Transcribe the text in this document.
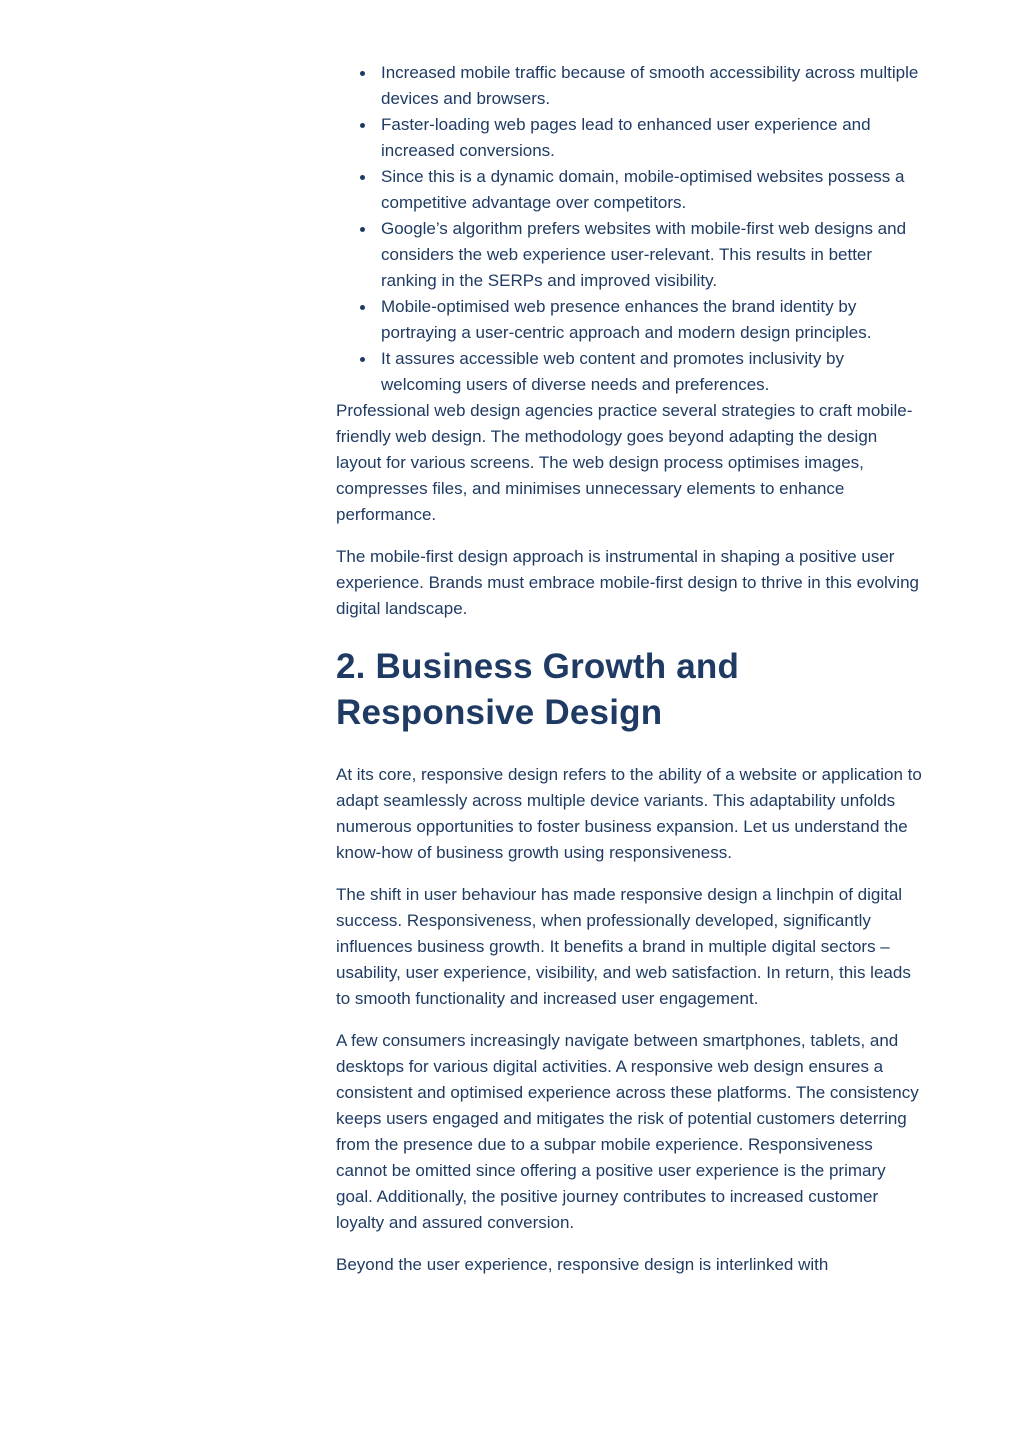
Increased mobile traffic because of smooth accessibility across multiple devices and browsers.
Faster-loading web pages lead to enhanced user experience and increased conversions.
Since this is a dynamic domain, mobile-optimised websites possess a competitive advantage over competitors.
Google’s algorithm prefers websites with mobile-first web designs and considers the web experience user-relevant. This results in better ranking in the SERPs and improved visibility.
Mobile-optimised web presence enhances the brand identity by portraying a user-centric approach and modern design principles.
It assures accessible web content and promotes inclusivity by welcoming users of diverse needs and preferences.

Professional web design agencies practice several strategies to craft mobile-friendly web design. The methodology goes beyond adapting the design layout for various screens. The web design process optimises images, compresses files, and minimises unnecessary elements to enhance performance.

The mobile-first design approach is instrumental in shaping a positive user experience. Brands must embrace mobile-first design to thrive in this evolving digital landscape.

2. Business Growth and Responsive Design

At its core, responsive design refers to the ability of a website or application to adapt seamlessly across multiple device variants. This adaptability unfolds numerous opportunities to foster business expansion. Let us understand the know-how of business growth using responsiveness.

The shift in user behaviour has made responsive design a linchpin of digital success. Responsiveness, when professionally developed, significantly influences business growth. It benefits a brand in multiple digital sectors – usability, user experience, visibility, and web satisfaction. In return, this leads to smooth functionality and increased user engagement.

A few consumers increasingly navigate between smartphones, tablets, and desktops for various digital activities. A responsive web design ensures a consistent and optimised experience across these platforms. The consistency keeps users engaged and mitigates the risk of potential customers deterring from the presence due to a subpar mobile experience. Responsiveness cannot be omitted since offering a positive user experience is the primary goal. Additionally, the positive journey contributes to increased customer loyalty and assured conversion.

Beyond the user experience, responsive design is interlinked with
